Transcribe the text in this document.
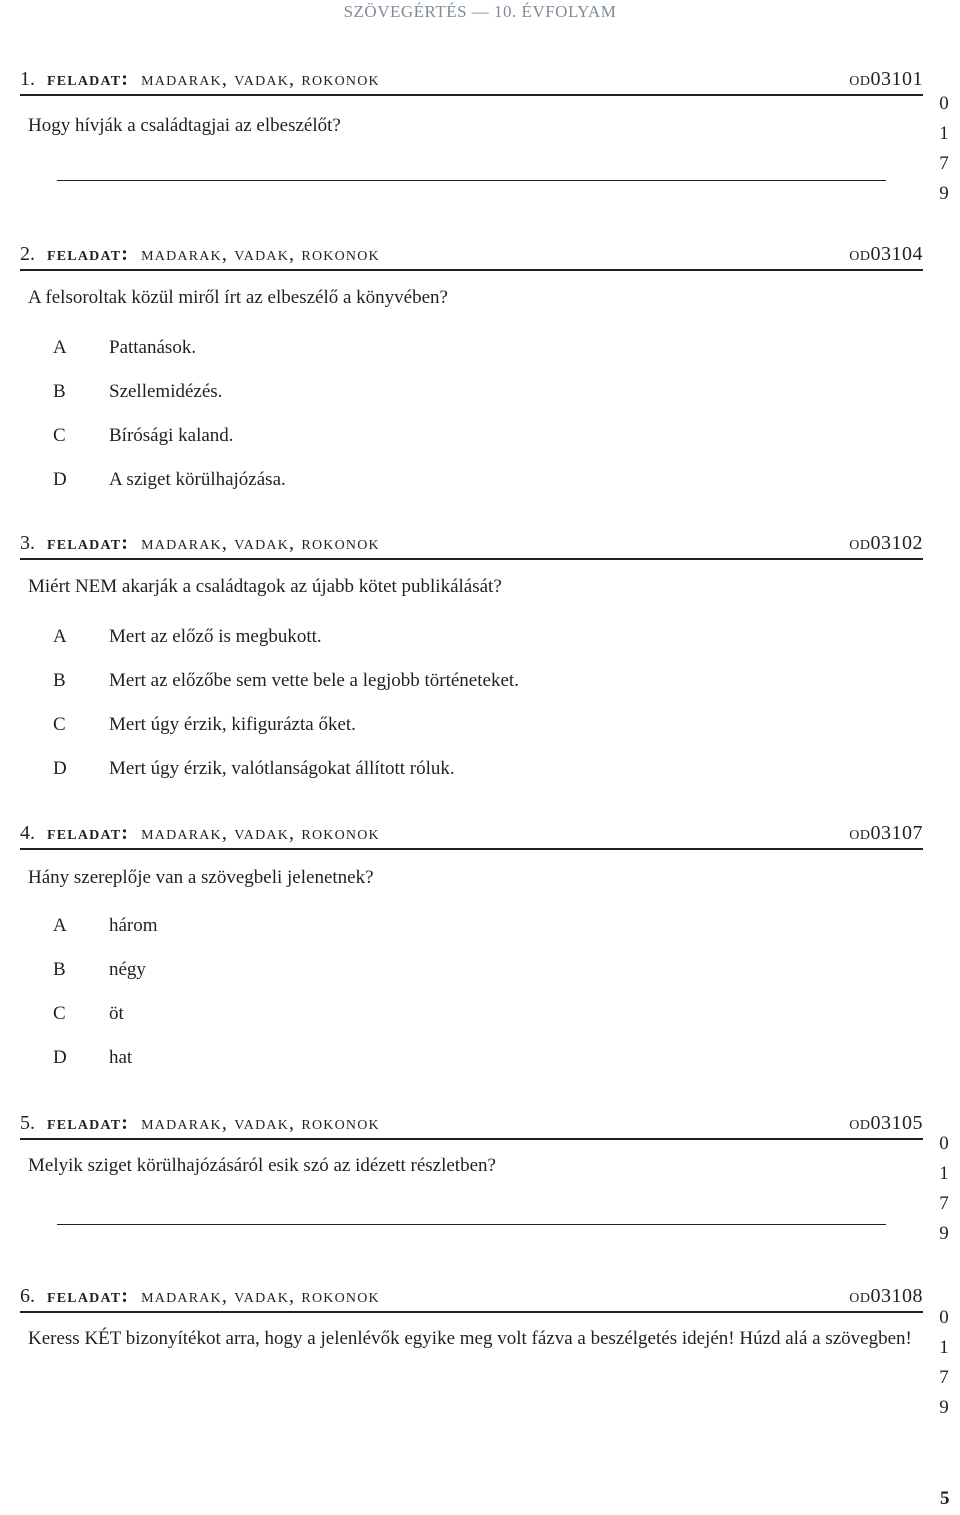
SZÖVEGÉRTÉS — 10. ÉVFOLYAM
1. feladat: madarak, vadak, rokonok	od03101
Hogy hívják a családtagjai az elbeszélőt?
0
1
7
9
2. feladat: madarak, vadak, rokonok	od03104
A felsoroltak közül miről írt az elbeszélő a könyvében?
A Pattanások.
B Szellemidézés.
C Bírósági kaland.
D A sziget körülhajózása.
3. feladat: madarak, vadak, rokonok	od03102
Miért NEM akarják a családtagok az újabb kötet publikálását?
A Mert az előző is megbukott.
B Mert az előzőbe sem vette bele a legjobb történeteket.
C Mert úgy érzik, kifigurázta őket.
D Mert úgy érzik, valótlanságokat állított róluk.
4. feladat: madarak, vadak, rokonok	od03107
Hány szereplője van a szövegbeli jelenetnek?
A három
B négy
C öt
D hat
5. feladat: madarak, vadak, rokonok	od03105
Melyik sziget körülhajózásáról esik szó az idézett részletben?
0
1
7
9
6. feladat: madarak, vadak, rokonok	od03108
Keress KÉT bizonyítékot arra, hogy a jelenlévők egyike meg volt fázva a beszélgetés idején! Húzd alá a szövegben!
0
1
7
9
5
